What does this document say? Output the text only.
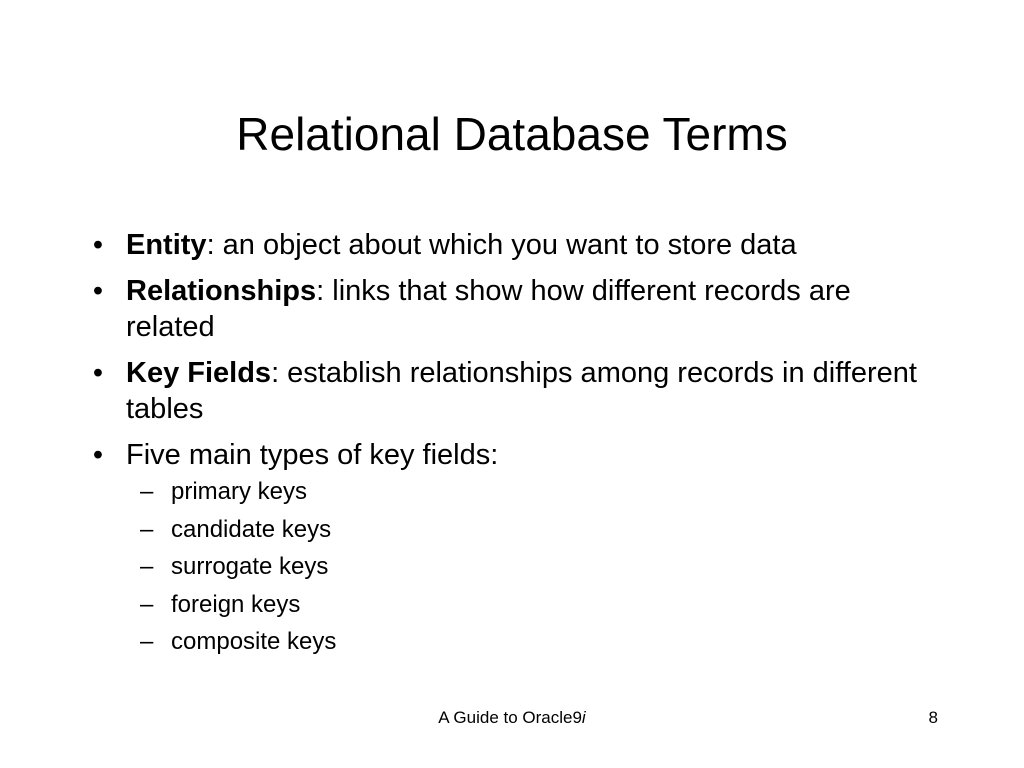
Relational Database Terms
• Entity: an object about which you want to store data
• Relationships: links that show how different records are related
• Key Fields: establish relationships among records in different tables
• Five main types of key fields:
– primary keys
– candidate keys
– surrogate keys
– foreign keys
– composite keys
A Guide to Oracle9i	8
